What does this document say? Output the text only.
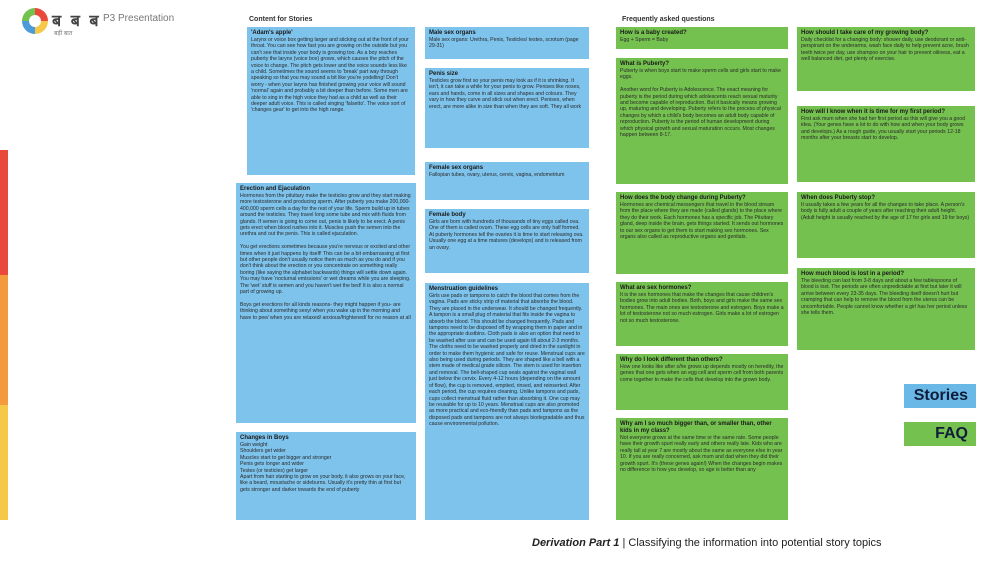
ब ब ब
बड़ी बात
P3 Presentation	Content for Stories	Frequently asked questions
'Adam's apple'
Larynx or voice box getting larger and sticking out at the front of your throat. You can see how fast you are growing on the outside but you can't see that inside your body is growing too. As a boy reaches puberty the larynx (voice box) grows, which causes the pitch of the voice to change. The pitch gets lower and the voice sounds less like a child. Sometimes the sound seems to 'break' part way through speaking so that you may sound a bit like you're yodelling! Don't worry - when your larynx has finished growing your voice will sound 'normal' again and probably a bit deeper than before. Some men are able to sing in the high voice they had as a child as well as their deeper adult voice. This is called singing 'falsetto'. The voice sort of 'changes gear' to get into the high range.
Erection and Ejaculation
Hormones from the pituitary make the testicles grow and they start making more testosterone and producing sperm. After puberty you make 200,000-400,000 sperm cells a day for the rest of your life. Sperm build up in tubes around the testicles. They travel long some tube and mix with fluids from glands. If semen is going to come out, penis is likely to be erect. A penis gets erect when blood rushes into it. Muscles push the semen into the urethra and out the penis. This is called ejaculation.

You get erections sometimes because you're nervous or excited and other times when it just happens by itself! This can be a bit embarrassing at first but other people don't usually notice them as much as you do and if you don't think about the erection or you concentrate on something really boring (like saying the alphabet backwards) things will settle down again. You may have 'nocturnal emissions' or wet dreams while you are sleeping. The 'wet' stuff is semen and you haven't wet the bed! It is also a normal part of growing up.

Boys get erections for all kinds reasons- they might happen if you- are thinking about something sexy/ when you wake up in the morning and have to pee/ when you are relaxed/ anxious/frightened/ for no reason at all
Changes in Boys
Gain weight
Shoulders get wider
Muscles start to get bigger and stronger
Penis gets longer and wider
Testes (or testicles) get larger
Apart from hair starting to grow on your body, it also grows on your face, like a beard, moustache or sideburns. Usually it's pretty thin at first but gets stronger and darker towards the end of puberty
Male sex organs
Male sex organs: Urethra, Penis, Testicles/ testes, scrotum (page 29-31)
Penis size
Testicles grow first so your penis may look as if it is shrinking. It isn't, it can take a while for your penis to grow. Penises like noses, ears and hands, come in all sizes and shapes and colours. They vary in how they curve and stick out when erect. Penises, when erect, are more alike in size than when they are soft. They all work
Female sex organs
Fallopian tubes, ovary, uterus, cervix, vagina, endometrium
Female body
Girls are born with hundreds of thousands of tiny eggs called ova. One of them is called ovum. These egg cells are only half formed. At puberty hormones tell the ovaries it is time to start releasing ova. Usually one egg at a time matures (develops) and is released from an ovary.
Menstruation guidelines
Girls use pads or tampons to catch the blood that comes from the vagina. Pads are sticky strip of material that absorbs the blood. They are placed in the underwear. It should be changed frequently. A tampon is a small plug of material that fits inside the vagina to absorb the blood. This should be changed frequently. Pads and tampons need to be disposed off by wrapping them in paper and in the appropriate dustbins. Cloth pads is also an option that need to be washed after use and can be used again till about 2-3 months. The cloths need to be washed properly and dried in the sunlight in order to make them hygienic and safe for reuse. Menstrual cups are also being used during periods. They are shaped like a bell with a stem made of medical grade silicon. The stem is used for insertion and removal. The bell-shaped cup seals against the vaginal wall just below the cervix. Every 4-12 hours (depending on the amount of flow), the cup is removed, emptied, rinsed, and reinserted. After each period, the cup requires cleaning. Unlike tampons and pads, cups collect menstrual fluid rather than absorbing it. One cup may be reusable for up to 10 years. Menstrual cups are also promoted as more practical and eco-friendly than pads and tampons as the disposed pads and tampons are not always biodegradable and thus cause environmental pollution.
How is a baby created?
Egg + Sperm = Baby
What is Puberty?
Puberty is when boys start to make sperm cells and girls start to make eggs.

Another word for Puberty is Adolescence. The exact meaning for puberty is the period during which adolescents reach sexual maturity and become capable of reproduction. But it basically means growing up, maturing and developing. Puberty refers to the process of physical changes by which a child's body becomes an adult body capable of reproduction. Puberty is the period of human development during which physical growth and sexual maturation occurs. Most changes happen between 8-17.
How does the body change during Puberty?
Hormones are chemical messengers that travel in the blood stream from the place where they are made (called glands) to the place where they do their work. Each hormones has a specific job. The Pituitary gland, deep inside the brain, gets things started. It sends out hormones to our sex organs to get them to start making sex hormones. Sex organs also called as reproductive organs and genitals.
What are sex hormones?
It is the sex hormones that make the changes that cause children's bodies grow into adult bodies. Both, boys and girls make the same sex hormones. The main ones are testosterone and estrogen. Boys make a lot of testosterone not so much estrogen. Girls make a lot of estrogen not so much testosterone.
Why do I look different than others?
How one looks like after s/he grows up depends mostly on heredity, the genes that one gets when an egg cell and sperm cell from both parents come together to make the cells that develop into the grown body.
Why am I so much bigger than, or smaller than, other kids in my class?
Not everyone grows at the same time or the same rate. Some people have their growth spurt really early and others really late. Kids who are really tall at year 7 are mostly about the same as everyone else in year 10. If you are really concerned, ask mum and dad when they did their growth spurt. It's (these genes again!) When the changes begin makes no difference to how you develop, so age is better than any
How should I take care of my growing body?
Daily checklist for a changing body: shower daily, use deodorant or anti-perspirant on the underarms, wash face daily to help prevent acne, brush teeth twice per day, use shampoo on your hair to prevent oiliness, eat a well balanced diet, get plenty of exercise.
How will I know when it is time for my first period?
First ask mum when she had her first period as this will give you a good idea. (Your genes have a lot to do with how and when your body grows and develops.) As a rough guide, you usually start your periods 12-18 months after your breasts start to develop.
When does Puberty stop?
It usually takes a few years for all the changes to take place. A person's body is fully adult a couple of years after reaching their adult height. (Adult height is usually reached by the age of 17 for girls and 19 for boys)
How much blood is lost in a period?
The bleeding can last from 3-8 days and about a few tablespoons of blood is lost. The periods are often unpredictable at first but later it will arrive between every 23-35 days. The bleeding itself doesn't hurt but cramping that can help to remove the blood from the uterus can be uncomfortable. People cannot know whether a girl has her period unless she tells them.
Stories
FAQ
Derivation Part 1 | Classifying the information into potential story topics
